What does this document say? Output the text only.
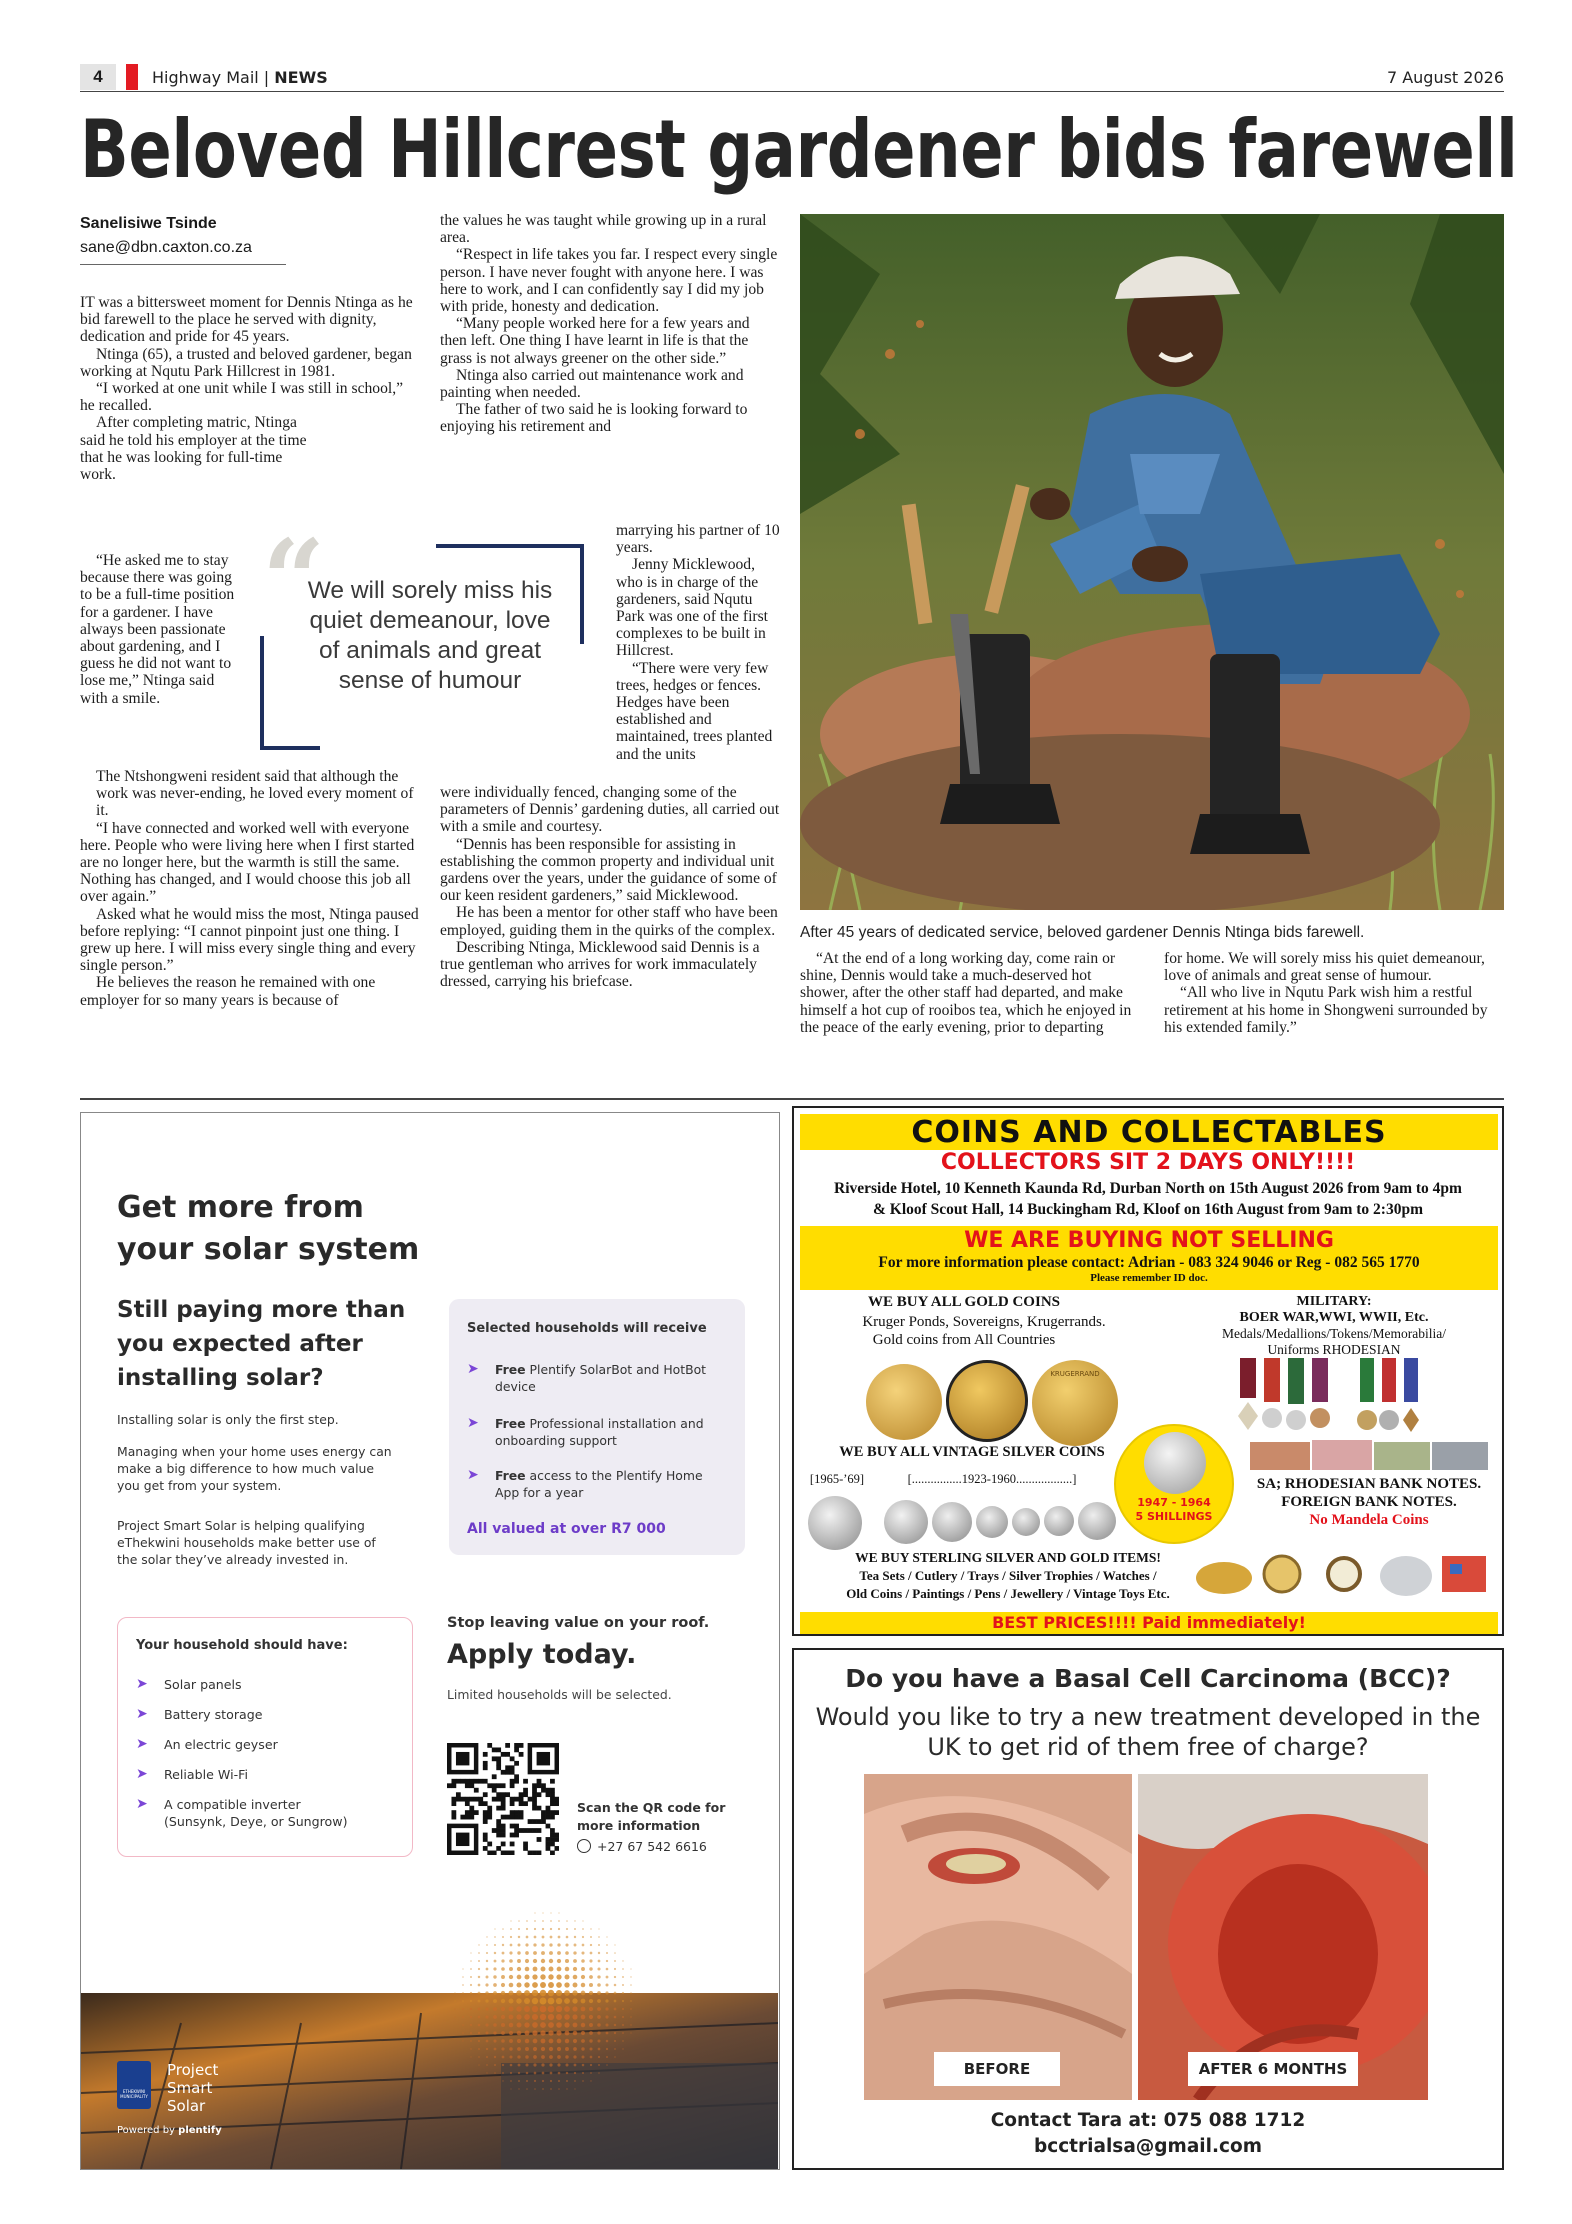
4	Highway Mail | NEWS	7 August 2026
Beloved Hillcrest gardener bids farewell
Sanelisiwe Tsinde
sane@dbn.caxton.co.za

IT was a bittersweet moment for Dennis Ntinga as he bid farewell to the place he served with dignity, dedication and pride for 45 years.

Ntinga (65), a trusted and beloved gardener, began working at Nqutu Park Hillcrest in 1981.

“I worked at one unit while I was still in school,” he recalled.

After completing matric, Ntinga said he told his employer at the time that he was looking for full-time work.

“He asked me to stay because there was going to be a full-time position for a gardener. I have always been passionate about gardening, and I guess he did not want to lose me,” Ntinga said with a smile.

The Ntshongweni resident said that although the work was never-ending, he loved every moment of it.

“I have connected and worked well with everyone here. People who were living here when I first started are no longer here, but the warmth is still the same. Nothing has changed, and I would choose this job all over again.”

Asked what he would miss the most, Ntinga paused before replying: “I cannot pinpoint just one thing. I grew up here. I will miss every single thing and every single person.”

He believes the reason he remained with one employer for so many years is because of

the values he was taught while growing up in a rural area.

“Respect in life takes you far. I respect every single person. I have never fought with anyone here. I was here to work, and I can confidently say I did my job with pride, honesty and dedication.

“Many people worked here for a few years and then left. One thing I have learnt in life is that the grass is not always greener on the other side.”

Ntinga also carried out maintenance work and painting when needed.

The father of two said he is looking forward to enjoying his retirement and

marrying his partner of 10 years.

Jenny Micklewood, who is in charge of the gardeners, said Nqutu Park was one of the first complexes to be built in Hillcrest.

“There were very few trees, hedges or fences. Hedges have been established and maintained, trees planted and the units

were individually fenced, changing some of the parameters of Dennis’ gardening duties, all carried out with a smile and courtesy.

“Dennis has been responsible for assisting in establishing the common property and individual unit gardens over the years, under the guidance of some of our keen resident gardeners,” said Micklewood.

He has been a mentor for other staff who have been employed, guiding them in the quirks of the complex.

Describing Ntinga, Micklewood said Dennis is a true gentleman who arrives for work immaculately dressed, carrying his briefcase.

“
We will sorely miss his quiet demeanour, love of animals and great sense of humour
After 45 years of dedicated service, beloved gardener Dennis Ntinga bids farewell.

“At the end of a long working day, come rain or shine, Dennis would take a much-deserved hot shower, after the other staff had departed, and make himself a hot cup of rooibos tea, which he enjoyed in the peace of the early evening, prior to departing

for home. We will sorely miss his quiet demeanour, love of animals and great sense of humour.

“All who live in Nqutu Park wish him a restful retirement at his home in Shongweni surrounded by his extended family.”

Get more from your solar system
Still paying more than you expected after installing solar?
Installing solar is only the first step.
Managing when your home uses energy can make a big difference to how much value you get from your system.
Project Smart Solar is helping qualifying eThekwini households make better use of the solar they’ve already invested in.
Selected households will receive
➤	Free Plentify SolarBot and HotBot device
➤	Free Professional installation and onboarding support
➤	Free access to the Plentify Home App for a year
All valued at over R7 000
Your household should have:
➤	Solar panels
➤	Battery storage
➤	An electric geyser
➤	Reliable Wi-Fi
➤	A compatible inverter (Sunsynk, Deye, or Sungrow)
Stop leaving value on your roof.
Apply today.
Limited households will be selected.
Scan the QR code for more information
+27 67 542 6616
ETHEKWINI MUNICIPALITY
Project Smart Solar
Powered by plentify
COINS AND COLLECTABLES
COLLECTORS SIT 2 DAYS ONLY!!!!
Riverside Hotel, 10 Kenneth Kaunda Rd, Durban North on 15th August 2026 from 9am to 4pm
& Kloof Scout Hall, 14 Buckingham Rd, Kloof on 16th August from 9am to 2:30pm
WE ARE BUYING NOT SELLING
For more information please contact: Adrian - 083 324 9046 or Reg - 082 565 1770
Please remember ID doc.
WE BUY ALL GOLD COINS
Kruger Ponds, Sovereigns, Krugerrands.
Gold coins from All Countries
KRUGERRAND
MILITARY:
BOER WAR,WWI, WWII, Etc.
Medals/Medallions/Tokens/Memorabilia/
Uniforms RHODESIAN
WE BUY ALL VINTAGE SILVER COINS
[1965-’69]	[................1923-1960..................]
1947 - 1964
5 SHILLINGS
SA; RHODESIAN BANK NOTES.
FOREIGN BANK NOTES.
No Mandela Coins
WE BUY STERLING SILVER AND GOLD ITEMS!
Tea Sets / Cutlery / Trays / Silver Trophies / Watches /
Old Coins / Paintings / Pens / Jewellery / Vintage Toys Etc.
BEST PRICES!!!! Paid immediately!
Do you have a Basal Cell Carcinoma (BCC)?
Would you like to try a new treatment developed in the UK to get rid of them free of charge?
BEFORE	AFTER 6 MONTHS
Contact Tara at: 075 088 1712
bcctrialsa@gmail.com
